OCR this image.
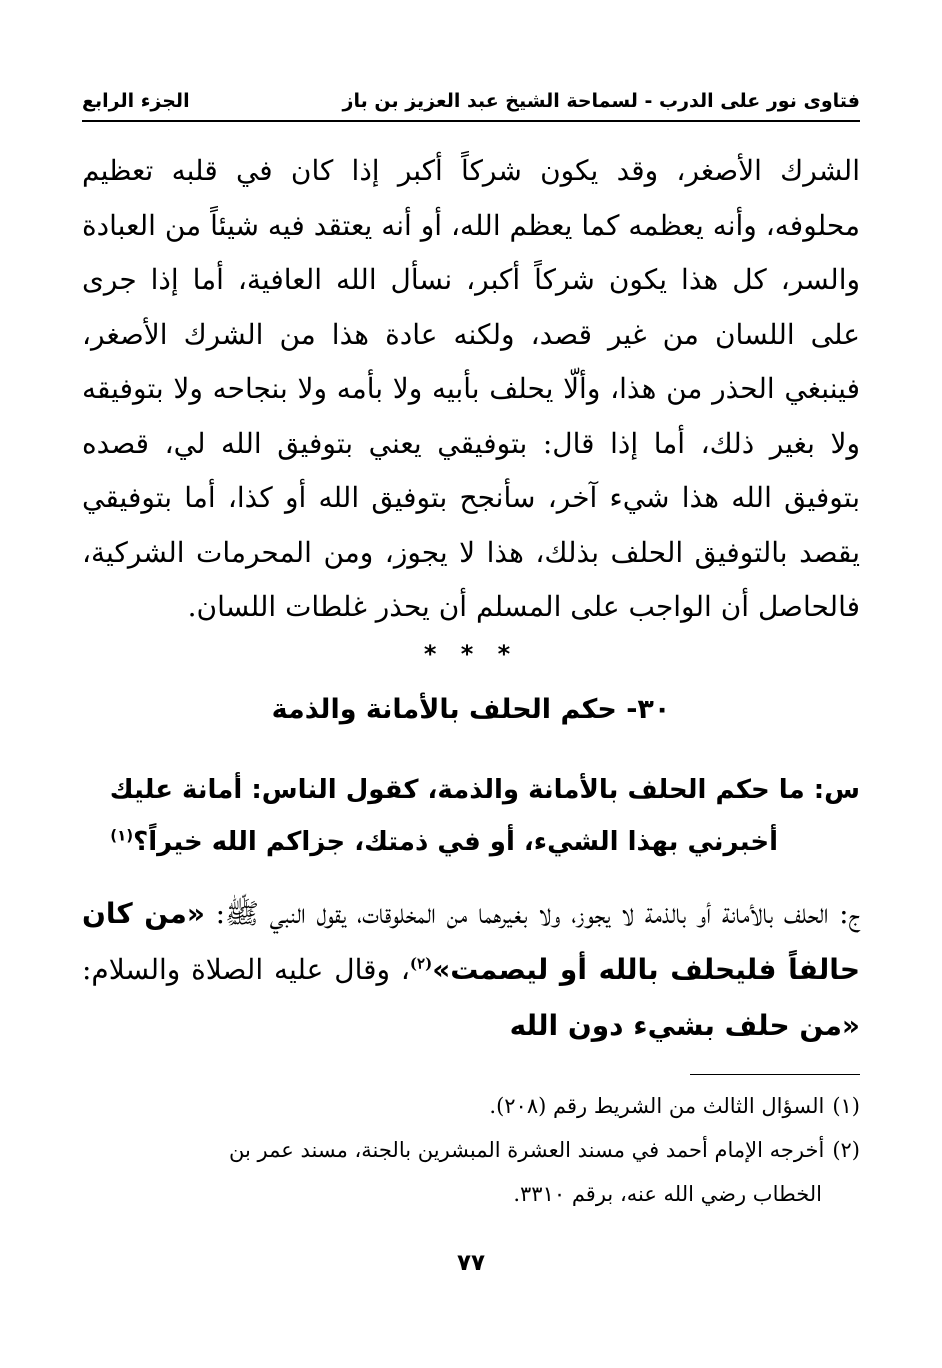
فتاوى نور على الدرب - لسماحة الشيخ عبد العزيز بن باز
الجزء الرابع

الشرك الأصغر، وقد يكون شركاً أكبر إذا كان في قلبه تعظيم محلوفه، وأنه يعظمه كما يعظم الله، أو أنه يعتقد فيه شيئاً من العبادة والسر، كل هذا يكون شركاً أكبر، نسأل الله العافية، أما إذا جرى على اللسان من غير قصد، ولكنه عادة هذا من الشرك الأصغر، فينبغي الحذر من هذا، وألّا يحلف بأبيه ولا بأمه ولا بنجاحه ولا بتوفيقه ولا بغير ذلك، أما إذا قال: بتوفيقي يعني بتوفيق الله لي، قصده بتوفيق الله هذا شيء آخر، سأنجح بتوفيق الله أو كذا، أما بتوفيقي يقصد بالتوفيق الحلف بذلك، هذا لا يجوز، ومن المحرمات الشركية، فالحاصل أن الواجب على المسلم أن يحذر غلطات اللسان.

* * *
٣٠- حكم الحلف بالأمانة والذمة
س: ما حكم الحلف بالأمانة والذمة، كقول الناس: أمانة عليك
أخبرني بهذا الشيء، أو في ذمتك، جزاكم الله خيراً؟$^{(١)}$
ج: الحلف بالأمانة أو بالذمة لا يجوز، ولا بغيرهما من المخلوقات، يقول النبي ﷺ: «من كان حالفاً فليحلف بالله أو ليصمت»$^{(٢)}$، وقال عليه الصلاة والسلام: «من حلف بشيء دون الله

(١)السؤال الثالث من الشريط رقم (٢٠٨).

(٢)أخرجه الإمام أحمد في مسند العشرة المبشرين بالجنة، مسند عمر بن

الخطاب رضي الله عنه، برقم ٣٣١٠.

٧٧
